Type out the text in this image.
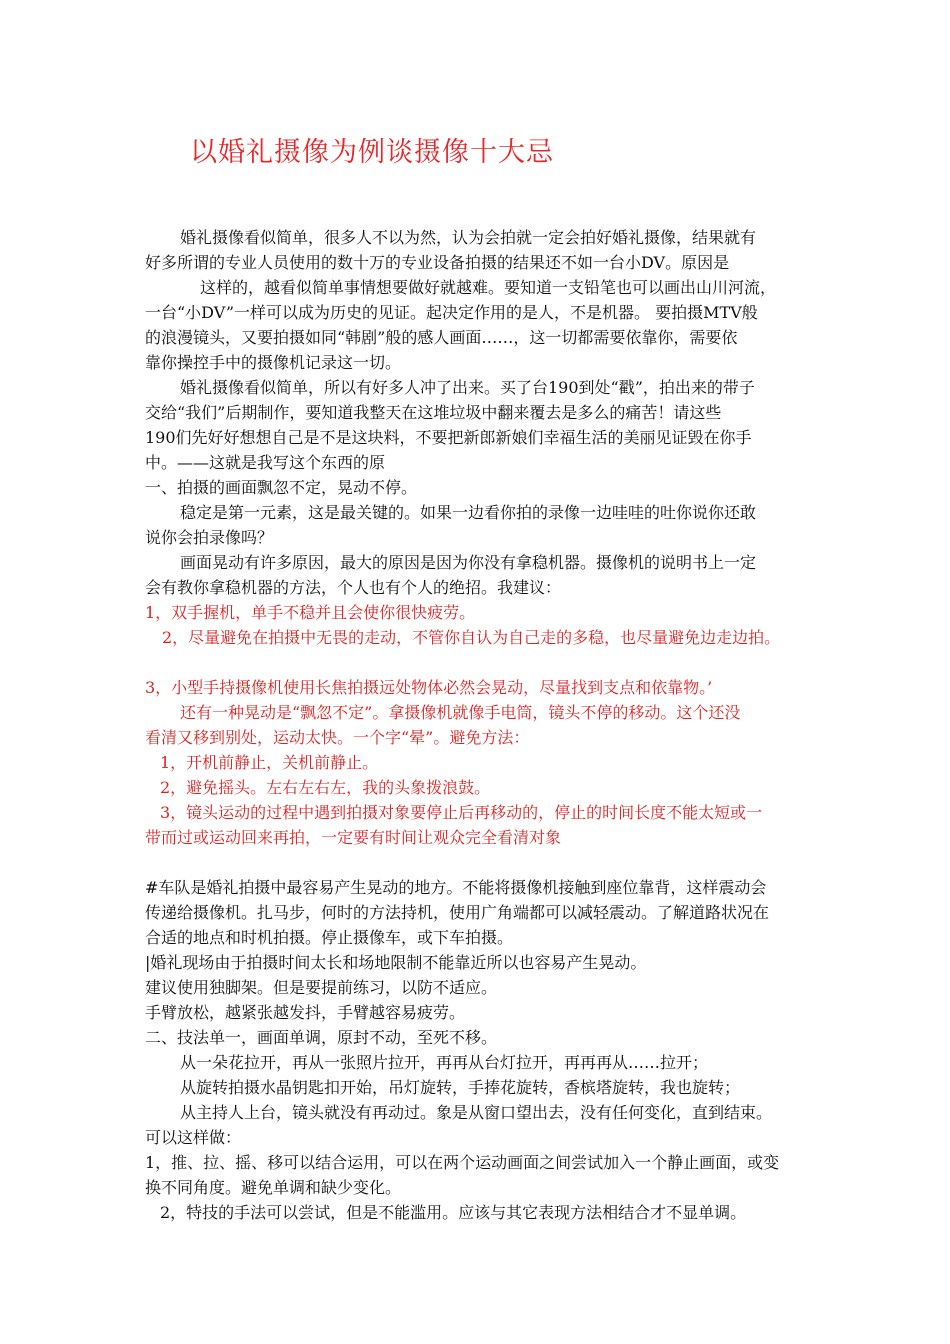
以婚礼摄像为例谈摄像十大忌

婚礼摄像看似简单，很多人不以为然，认为会拍就一定会拍好婚礼摄像，结果就有

好多所谓的专业人员使用的数十万的专业设备拍摄的结果还不如一台小DV。原因是

这样的，越看似简单事情想要做好就越难。要知道一支铅笔也可以画出山川河流，

一台“小DV”一样可以成为历史的见证。起决定作用的是人，不是机器。 要拍摄MTV般

的浪漫镜头，又要拍摄如同“韩剧”般的感人画面……，这一切都需要依靠你，需要依

靠你操控手中的摄像机记录这一切。

婚礼摄像看似简单，所以有好多人冲了出来。买了台190到处“戳”，拍出来的带子

交给“我们”后期制作，要知道我整天在这堆垃圾中翻来覆去是多么的痛苦！请这些

190们先好好想想自己是不是这块料，不要把新郎新娘们幸福生活的美丽见证毁在你手

中。——这就是我写这个东西的原

一、拍摄的画面飘忽不定，晃动不停。

稳定是第一元素，这是最关键的。如果一边看你拍的录像一边哇哇的吐你说你还敢

说你会拍录像吗？

画面晃动有许多原因，最大的原因是因为你没有拿稳机器。摄像机的说明书上一定

会有教你拿稳机器的方法，个人也有个人的绝招。我建议：

1，双手握机，单手不稳并且会使你很快疲劳。

2，尽量避免在拍摄中无畏的走动，不管你自认为自己走的多稳，也尽量避免边走边拍。

3，小型手持摄像机使用长焦拍摄远处物体必然会晃动，尽量找到支点和依靠物。’

还有一种晃动是“飘忽不定”。拿摄像机就像手电筒，镜头不停的移动。这个还没

看清又移到别处，运动太快。一个字“晕”。避免方法：

1，开机前静止，关机前静止。

2，避免摇头。左右左右左，我的头象拨浪鼓。

3，镜头运动的过程中遇到拍摄对象要停止后再移动的，停止的时间长度不能太短或一

带而过或运动回来再拍，一定要有时间让观众完全看清对象

#车队是婚礼拍摄中最容易产生晃动的地方。不能将摄像机接触到座位靠背，这样震动会

传递给摄像机。扎马步，何时的方法持机，使用广角端都可以减轻震动。了解道路状况在

合适的地点和时机拍摄。停止摄像车，或下车拍摄。

|婚礼现场由于拍摄时间太长和场地限制不能靠近所以也容易产生晃动。

建议使用独脚架。但是要提前练习，以防不适应。

手臂放松，越紧张越发抖，手臂越容易疲劳。

二、技法单一，画面单调，原封不动，至死不移。

从一朵花拉开，再从一张照片拉开，再再从台灯拉开，再再再从……拉开；

从旋转拍摄水晶钥匙扣开始，吊灯旋转，手捧花旋转，香槟塔旋转，我也旋转；

从主持人上台，镜头就没有再动过。象是从窗口望出去，没有任何变化，直到结束。

可以这样做：

1，推、拉、摇、移可以结合运用，可以在两个运动画面之间尝试加入一个静止画面，或变

换不同角度。避免单调和缺少变化。

2，特技的手法可以尝试，但是不能滥用。应该与其它表现方法相结合才不显单调。
